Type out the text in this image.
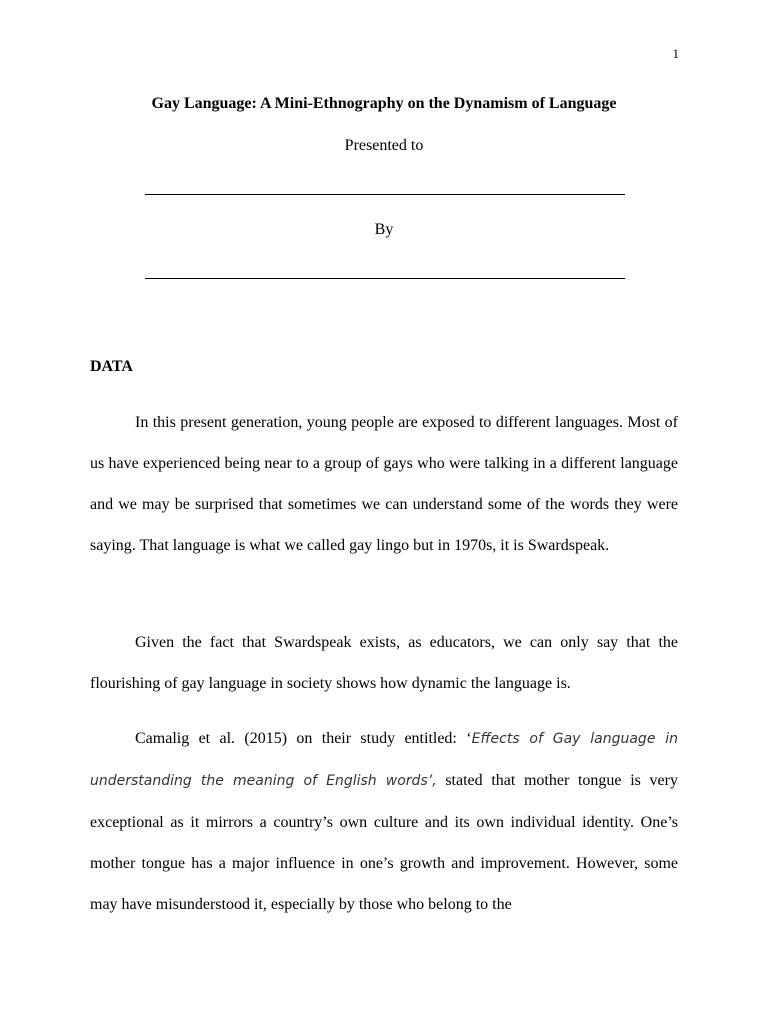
1
Gay Language: A Mini-Ethnography on the Dynamism of Language
Presented to
By
DATA

In this present generation, young people are exposed to different languages. Most of us have experienced being near to a group of gays who were talking in a different language and we may be surprised that sometimes we can understand some of the words they were saying. That language is what we called gay lingo but in 1970s, it is Swardspeak.

Given the fact that Swardspeak exists, as educators, we can only say that the flourishing of gay language in society shows how dynamic the language is.

Camalig et al. (2015) on their study entitled: ‘Effects of Gay language in understanding the meaning of English words’, stated that mother tongue is very exceptional as it mirrors a country’s own culture and its own individual identity. One’s mother tongue has a major influence in one’s growth and improvement. However, some may have misunderstood it, especially by those who belong to the
